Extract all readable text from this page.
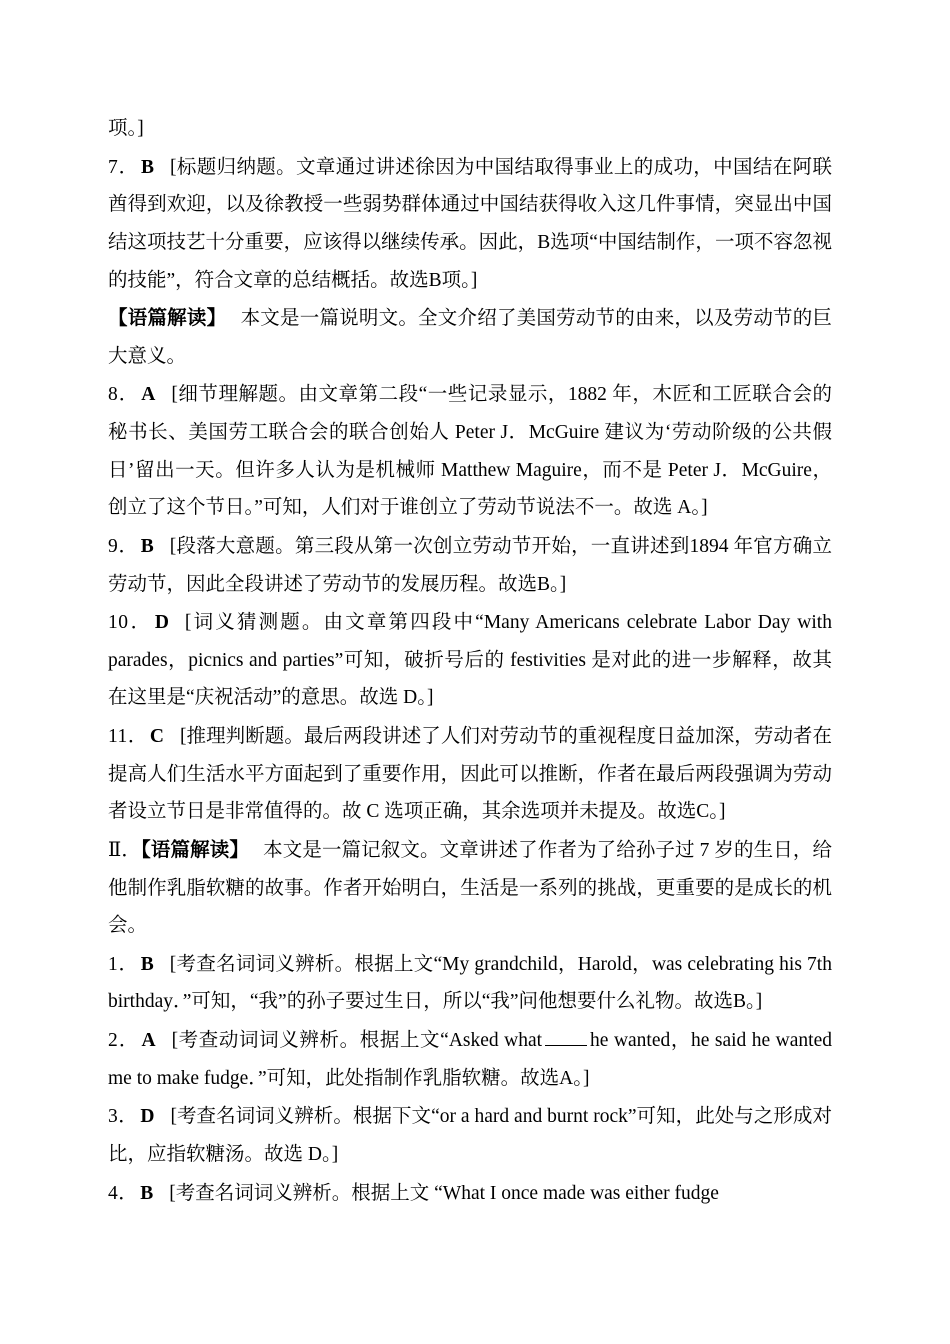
项。]

7． B [标题归纳题。文章通过讲述徐因为中国结取得事业上的成功，中国结在阿联酋得到欢迎，以及徐教授一些弱势群体通过中国结获得收入这几件事情，突显出中国结这项技艺十分重要，应该得以继续传承。因此，B选项“中国结制作，一项不容忽视的技能”，符合文章的总结概括。故选B项。]

【语篇解读】 本文是一篇说明文。全文介绍了美国劳动节的由来，以及劳动节的巨大意义。

8． A [细节理解题。由文章第二段“一些记录显示，1882 年，木匠和工匠联合会的秘书长、美国劳工联合会的联合创始人 Peter J．McGuire 建议为‘劳动阶级的公共假日’留出一天。但许多人认为是机械师 Matthew Maguire，而不是 Peter J．McGuire，创立了这个节日。”可知，人们对于谁创立了劳动节说法不一。故选 A。]

9． B [段落大意题。第三段从第一次创立劳动节开始，一直讲述到1894 年官方确立劳动节，因此全段讲述了劳动节的发展历程。故选B。]

10． D [词义猜测题。由文章第四段中“Many Americans celebrate Labor Day with parades，picnics and parties”可知，破折号后的 festivities 是对此的进一步解释，故其在这里是“庆祝活动”的意思。故选 D。]

11． C [推理判断题。最后两段讲述了人们对劳动节的重视程度日益加深，劳动者在提高人们生活水平方面起到了重要作用，因此可以推断，作者在最后两段强调为劳动者设立节日是非常值得的。故 C 选项正确，其余选项并未提及。故选C。]

Ⅱ．【语篇解读】 本文是一篇记叙文。文章讲述了作者为了给孙子过 7 岁的生日，给他制作乳脂软糖的故事。作者开始明白，生活是一系列的挑战，更重要的是成长的机会。

1． B [考查名词词义辨析。根据上文“My grandchild，Harold，was celebrating his 7th birthday．”可知，“我”的孙子要过生日，所以“我”问他想要什么礼物。故选B。]

2． A [考查动词词义辨析。根据上文“Asked what he wanted，he said he wanted me to make fudge．”可知，此处指制作乳脂软糖。故选A。]

3． D [考查名词词义辨析。根据下文“or a hard and burnt rock”可知，此处与之形成对比，应指软糖汤。故选 D。]

4． B [考查名词词义辨析。根据上文 “What I once made was either fudge
